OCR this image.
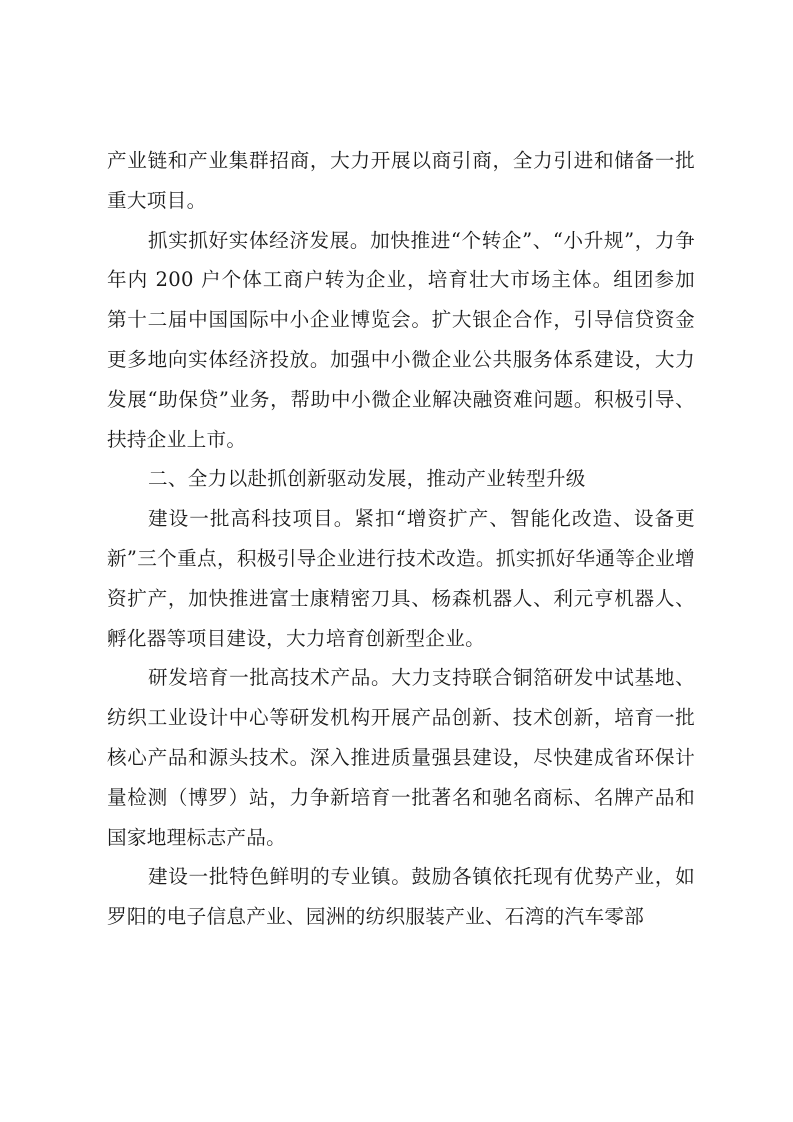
产业链和产业集群招商，大力开展以商引商，全力引进和储备一批重大项目。

抓实抓好实体经济发展。加快推进“个转企”、“小升规”，力争年内 200 户个体工商户转为企业，培育壮大市场主体。组团参加第十二届中国国际中小企业博览会。扩大银企合作，引导信贷资金更多地向实体经济投放。加强中小微企业公共服务体系建设，大力发展“助保贷”业务，帮助中小微企业解决融资难问题。积极引导、扶持企业上市。

二、全力以赴抓创新驱动发展，推动产业转型升级

建设一批高科技项目。紧扣“增资扩产、智能化改造、设备更新”三个重点，积极引导企业进行技术改造。抓实抓好华通等企业增资扩产，加快推进富士康精密刀具、杨森机器人、利元亨机器人、孵化器等项目建设，大力培育创新型企业。

研发培育一批高技术产品。大力支持联合铜箔研发中试基地、纺织工业设计中心等研发机构开展产品创新、技术创新，培育一批核心产品和源头技术。深入推进质量强县建设，尽快建成省环保计量检测（博罗）站，力争新培育一批著名和驰名商标、名牌产品和国家地理标志产品。

建设一批特色鲜明的专业镇。鼓励各镇依托现有优势产业，如罗阳的电子信息产业、园洲的纺织服装产业、石湾的汽车零部
